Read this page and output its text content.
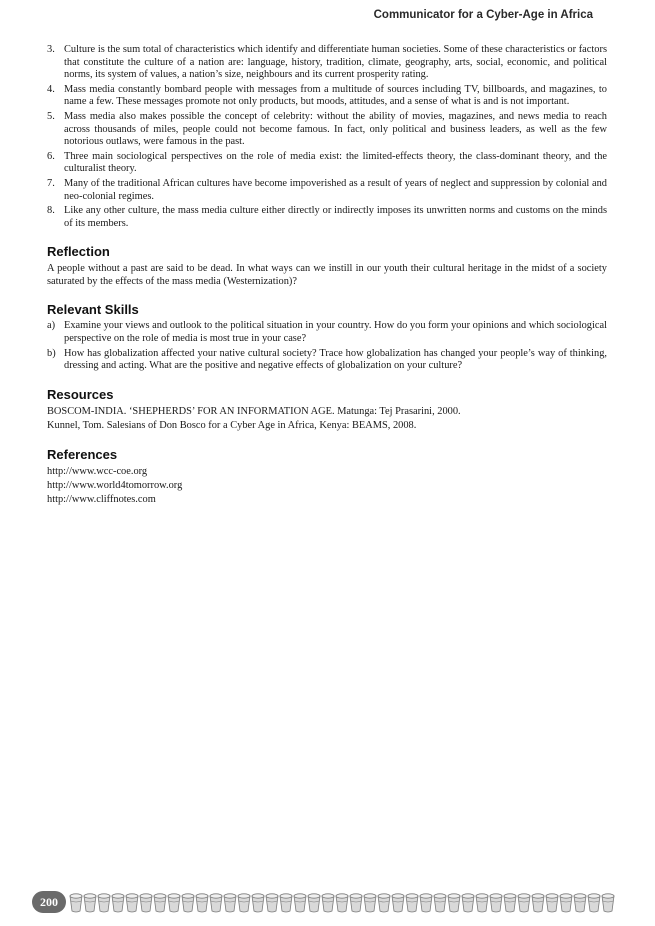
Communicator for a Cyber-Age in Africa
3. Culture is the sum total of characteristics which identify and differentiate human societies. Some of these characteristics or factors that constitute the culture of a nation are: language, history, tradition, climate, geography, arts, social, economic, and political norms, its system of values, a nation’s size, neighbours and its current prosperity rating.
4. Mass media constantly bombard people with messages from a multitude of sources including TV, billboards, and magazines, to name a few. These messages promote not only products, but moods, attitudes, and a sense of what is and is not important.
5. Mass media also makes possible the concept of celebrity: without the ability of movies, magazines, and news media to reach across thousands of miles, people could not become famous. In fact, only political and business leaders, as well as the few notorious outlaws, were famous in the past.
6. Three main sociological perspectives on the role of media exist: the limited-effects theory, the class-dominant theory, and the culturalist theory.
7. Many of the traditional African cultures have become impoverished as a result of years of neglect and suppression by colonial and neo-colonial regimes.
8. Like any other culture, the mass media culture either directly or indirectly imposes its unwritten norms and customs on the minds of its members.
Reflection

A people without a past are said to be dead. In what ways can we instill in our youth their cultural heritage in the midst of a society saturated by the effects of the mass media (Westernization)?

Relevant Skills
a) Examine your views and outlook to the political situation in your country. How do you form your opinions and which sociological perspective on the role of media is most true in your case?
b) How has globalization affected your native cultural society? Trace how globalization has changed your people’s way of thinking, dressing and acting. What are the positive and negative effects of globalization on your culture?
Resources

BOSCOM-INDIA. ‘SHEPHERDS’ FOR AN INFORMATION AGE. Matunga: Tej Prasarini, 2000.

Kunnel, Tom. Salesians of Don Bosco for a Cyber Age in Africa, Kenya: BEAMS, 2008.

References

http://www.wcc-coe.org

http://www.world4tomorrow.org

http://www.cliffnotes.com

200
